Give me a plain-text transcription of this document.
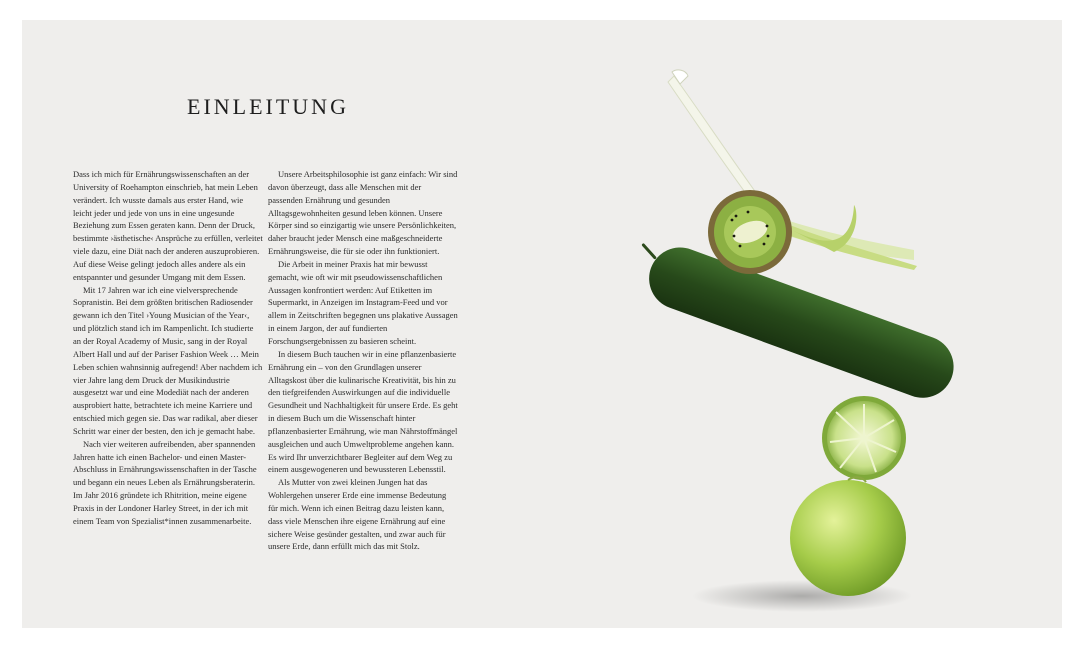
EINLEITUNG

Dass ich mich für Ernährungswissenschaften an der University of Roehampton einschrieb, hat mein Leben verändert. Ich wusste damals aus erster Hand, wie leicht jeder und jede von uns in eine ungesunde Beziehung zum Essen geraten kann. Denn der Druck, bestimmte ›ästhetische‹ Ansprüche zu erfüllen, verleitet viele dazu, eine Diät nach der anderen auszuprobieren. Auf diese Weise gelingt jedoch alles andere als ein entspannter und gesunder Umgang mit dem Essen.

Mit 17 Jahren war ich eine vielversprechende Sopranistin. Bei dem größten britischen Radiosender gewann ich den Titel ›Young Musician of the Year‹, und plötzlich stand ich im Rampenlicht. Ich studierte an der Royal Academy of Music, sang in der Royal Albert Hall und auf der Pariser Fashion Week … Mein Leben schien wahnsinnig aufregend! Aber nachdem ich vier Jahre lang dem Druck der Musikindustrie ausgesetzt war und eine Modediät nach der anderen ausprobiert hatte, betrachtete ich meine Karriere und entschied mich gegen sie. Das war radikal, aber dieser Schritt war einer der besten, den ich je gemacht habe.

Nach vier weiteren aufreibenden, aber spannenden Jahren hatte ich einen Bachelor- und einen Master-Abschluss in Ernährungswissenschaften in der Tasche und begann ein neues Leben als Ernährungsberaterin. Im Jahr 2016 gründete ich Rhitrition, meine eigene Praxis in der Londoner Harley Street, in der ich mit einem Team von Spezialist*innen zusammenarbeite.

Unsere Arbeitsphilosophie ist ganz einfach: Wir sind davon überzeugt, dass alle Menschen mit der passenden Ernährung und gesunden Alltagsgewohnheiten gesund leben können. Unsere Körper sind so einzigartig wie unsere Persönlichkeiten, daher braucht jeder Mensch eine maßgeschneiderte Ernährungsweise, die für sie oder ihn funktioniert.

Die Arbeit in meiner Praxis hat mir bewusst gemacht, wie oft wir mit pseudowissenschaftlichen Aussagen konfrontiert werden: Auf Etiketten im Supermarkt, in Anzeigen im Instagram-Feed und vor allem in Zeitschriften begegnen uns plakative Aussagen in einem Jargon, der auf fundierten Forschungsergebnissen zu basieren scheint.

In diesem Buch tauchen wir in eine pflanzenbasierte Ernährung ein – von den Grundlagen unserer Alltagskost über die kulinarische Kreativität, bis hin zu den tiefgreifenden Auswirkungen auf die individuelle Gesundheit und Nachhaltigkeit für unsere Erde. Es geht in diesem Buch um die Wissenschaft hinter pflanzenbasierter Ernährung, wie man Nährstoffmängel ausgleichen und auch Umweltprobleme angehen kann. Es wird Ihr unverzichtbarer Begleiter auf dem Weg zu einem ausgewogeneren und bewussteren Lebensstil.

Als Mutter von zwei kleinen Jungen hat das Wohlergehen unserer Erde eine immense Bedeutung für mich. Wenn ich einen Beitrag dazu leisten kann, dass viele Menschen ihre eigene Ernährung auf eine sichere Weise gesünder gestalten, und zwar auch für unsere Erde, dann erfüllt mich das mit Stolz.
